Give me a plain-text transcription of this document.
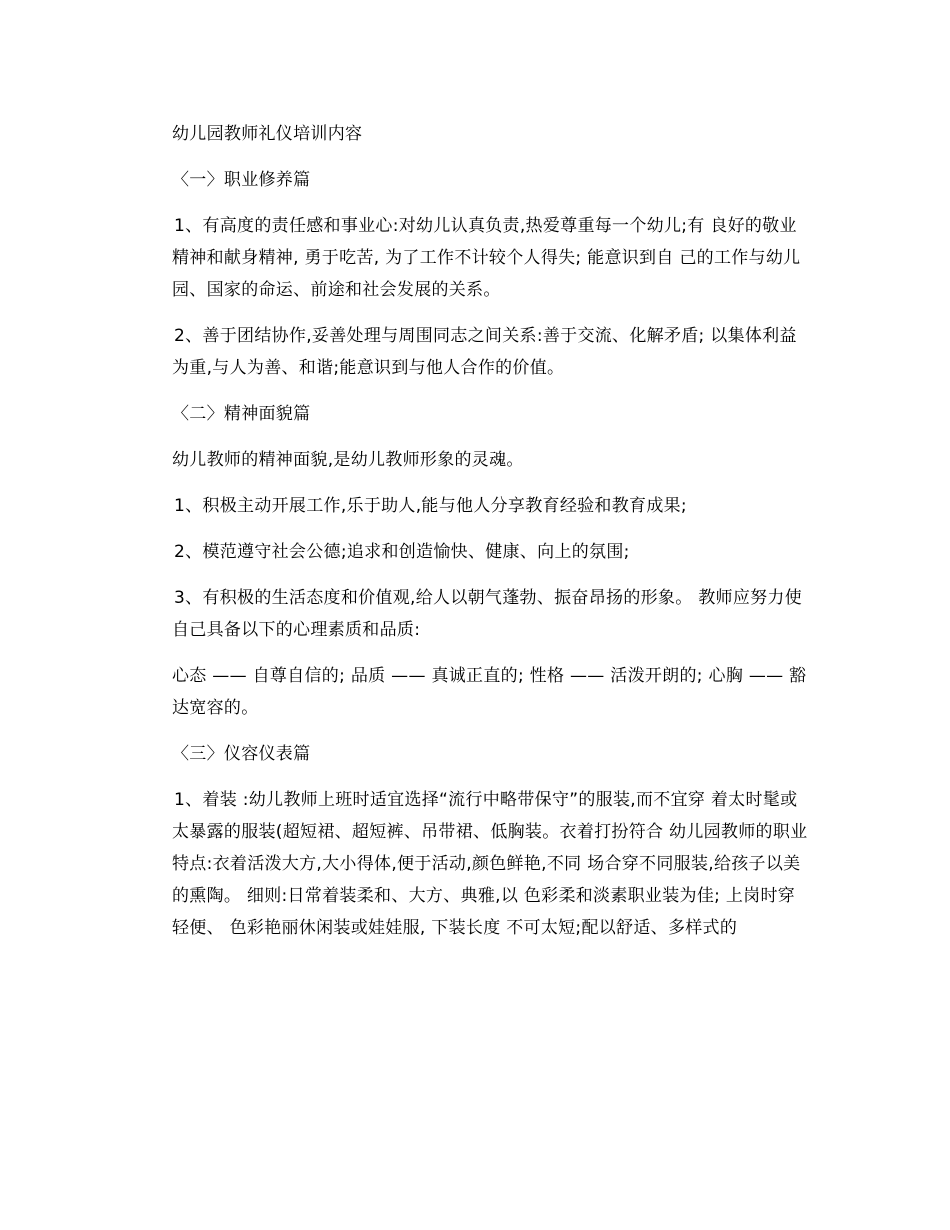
幼儿园教师礼仪培训内容

〈一〉职业修养篇

1、有高度的责任感和事业心:对幼儿认真负责,热爱尊重每一个幼儿;有 良好的敬业精神和献身精神, 勇于吃苦, 为了工作不计较个人得失; 能意识到自 己的工作与幼儿园、国家的命运、前途和社会发展的关系。

2、善于团结协作,妥善处理与周围同志之间关系:善于交流、化解矛盾; 以集体利益为重,与人为善、和谐;能意识到与他人合作的价值。

〈二〉精神面貌篇

幼儿教师的精神面貌,是幼儿教师形象的灵魂。

1、积极主动开展工作,乐于助人,能与他人分享教育经验和教育成果;

2、模范遵守社会公德;追求和创造愉快、健康、向上的氛围;

3、有积极的生活态度和价值观,给人以朝气蓬勃、振奋昂扬的形象。 教师应努力使自己具备以下的心理素质和品质:

心态 —— 自尊自信的; 品质 —— 真诚正直的; 性格 —— 活泼开朗的; 心胸 —— 豁 达宽容的。

〈三〉仪容仪表篇

1、着装 :幼儿教师上班时适宜选择“流行中略带保守”的服装,而不宜穿 着太时髦或太暴露的服装(超短裙、超短裤、吊带裙、低胸装。衣着打扮符合 幼儿园教师的职业特点:衣着活泼大方,大小得体,便于活动,颜色鲜艳,不同 场合穿不同服装,给孩子以美的熏陶。 细则:日常着装柔和、大方、典雅,以 色彩柔和淡素职业装为佳; 上岗时穿轻便、 色彩艳丽休闲装或娃娃服, 下装长度 不可太短;配以舒适、多样式的
